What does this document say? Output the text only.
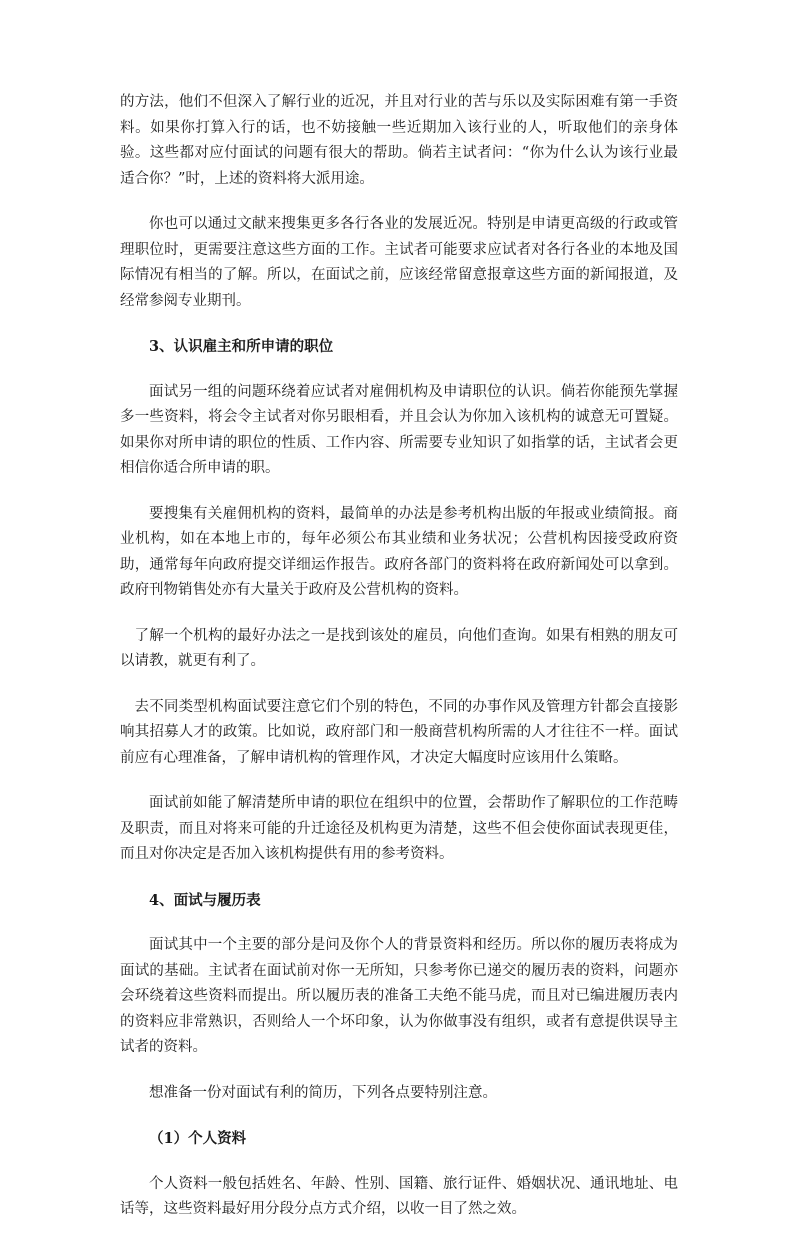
的方法，他们不但深入了解行业的近况，并且对行业的苦与乐以及实际困难有第一手资料。如果你打算入行的话，也不妨接触一些近期加入该行业的人，听取他们的亲身体验。这些都对应付面试的问题有很大的帮助。倘若主试者问：“你为什么认为该行业最适合你？”时，上述的资料将大派用途。

你也可以通过文献来搜集更多各行各业的发展近况。特别是申请更高级的行政或管理职位时，更需要注意这些方面的工作。主试者可能要求应试者对各行各业的本地及国际情况有相当的了解。所以，在面试之前，应该经常留意报章这些方面的新闻报道，及经常参阅专业期刊。

3、认识雇主和所申请的职位

面试另一组的问题环绕着应试者对雇佣机构及申请职位的认识。倘若你能预先掌握多一些资料，将会令主试者对你另眼相看，并且会认为你加入该机构的诚意无可置疑。如果你对所申请的职位的性质、工作内容、所需要专业知识了如指掌的话，主试者会更相信你适合所申请的职。

要搜集有关雇佣机构的资料，最简单的办法是参考机构出版的年报或业绩简报。商业机构，如在本地上市的，每年必须公布其业绩和业务状况；公营机构因接受政府资助，通常每年向政府提交详细运作报告。政府各部门的资料将在政府新闻处可以拿到。政府刊物销售处亦有大量关于政府及公营机构的资料。

了解一个机构的最好办法之一是找到该处的雇员，向他们查询。如果有相熟的朋友可以请教，就更有利了。

去不同类型机构面试要注意它们个别的特色，不同的办事作风及管理方针都会直接影响其招募人才的政策。比如说，政府部门和一般商营机构所需的人才往往不一样。面试前应有心理准备，了解申请机构的管理作风，才决定大幅度时应该用什么策略。

面试前如能了解清楚所申请的职位在组织中的位置，会帮助作了解职位的工作范畴及职责，而且对将来可能的升迁途径及机构更为清楚，这些不但会使你面试表现更佳，而且对你决定是否加入该机构提供有用的参考资料。

4、面试与履历表

面试其中一个主要的部分是问及你个人的背景资料和经历。所以你的履历表将成为面试的基础。主试者在面试前对你一无所知，只参考你已递交的履历表的资料，问题亦会环绕着这些资料而提出。所以履历表的准备工夫绝不能马虎，而且对已编进履历表内的资料应非常熟识，否则给人一个坏印象，认为你做事没有组织，或者有意提供误导主试者的资料。

想准备一份对面试有利的简历，下列各点要特别注意。

（1）个人资料

个人资料一般包括姓名、年龄、性别、国籍、旅行证件、婚姻状况、通讯地址、电话等，这些资料最好用分段分点方式介绍，以收一目了然之效。
